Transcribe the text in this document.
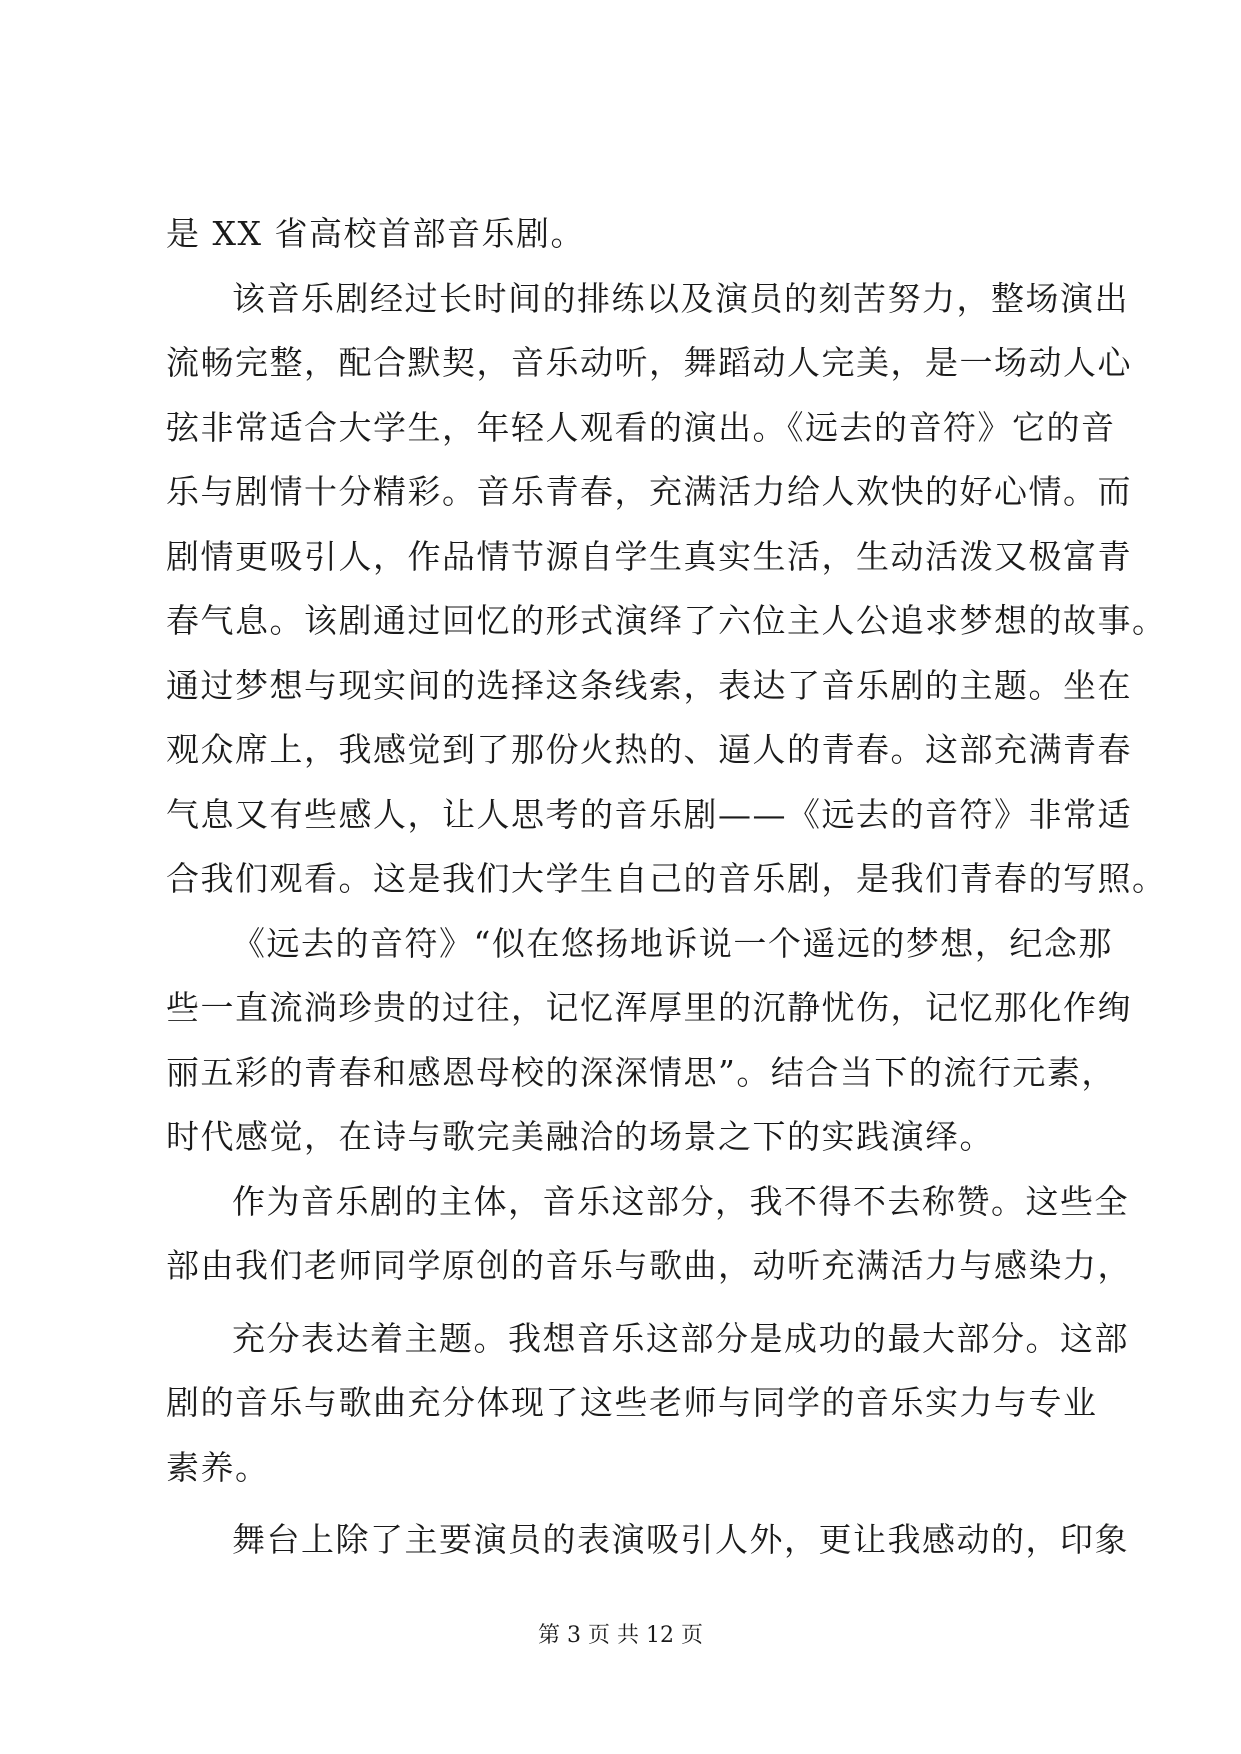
是 XX 省高校首部音乐剧。
该音乐剧经过长时间的排练以及演员的刻苦努力，整场演出
流畅完整，配合默契，音乐动听，舞蹈动人完美，是一场动人心
弦非常适合大学生，年轻人观看的演出。《远去的音符》它的音
乐与剧情十分精彩。音乐青春，充满活力给人欢快的好心情。而
剧情更吸引人，作品情节源自学生真实生活，生动活泼又极富青
春气息。该剧通过回忆的形式演绎了六位主人公追求梦想的故事。
通过梦想与现实间的选择这条线索，表达了音乐剧的主题。坐在
观众席上，我感觉到了那份火热的、逼人的青春。这部充满青春
气息又有些感人，让人思考的音乐剧——《远去的音符》非常适
合我们观看。这是我们大学生自己的音乐剧，是我们青春的写照。
《远去的音符》“似在悠扬地诉说一个遥远的梦想，纪念那
些一直流淌珍贵的过往，记忆浑厚里的沉静忧伤，记忆那化作绚
丽五彩的青春和感恩母校的深深情思”。结合当下的流行元素，
时代感觉，在诗与歌完美融洽的场景之下的实践演绎。
作为音乐剧的主体，音乐这部分，我不得不去称赞。这些全
部由我们老师同学原创的音乐与歌曲，动听充满活力与感染力，
充分表达着主题。我想音乐这部分是成功的最大部分。这部
剧的音乐与歌曲充分体现了这些老师与同学的音乐实力与专业
素养。
舞台上除了主要演员的表演吸引人外，更让我感动的，印象
第 3 页 共 12 页
